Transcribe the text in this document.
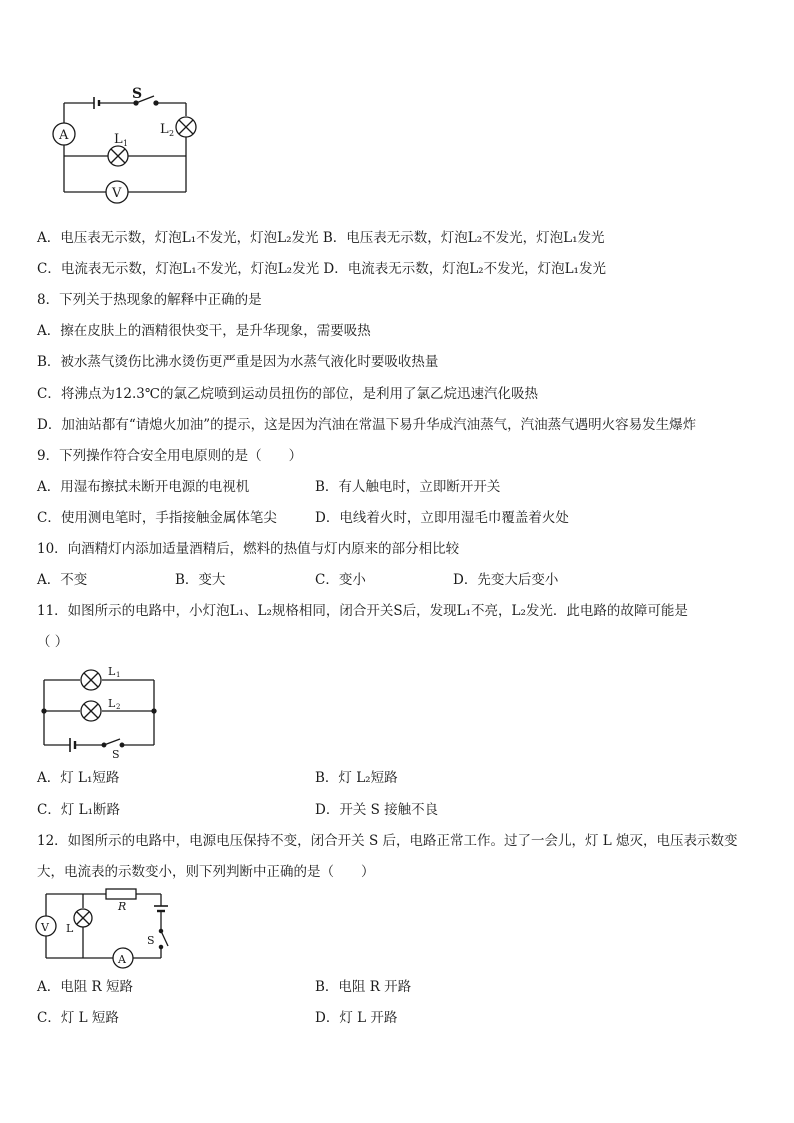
S
A	L 2
L 1
V
A．电压表无示数，灯泡L₁不发光，灯泡L₂发光 B．电压表无示数，灯泡L₂不发光，灯泡L₁发光
C．电流表无示数，灯泡L₁不发光，灯泡L₂发光 D．电流表无示数，灯泡L₂不发光，灯泡L₁发光
8．下列关于热现象的解释中正确的是
A．擦在皮肤上的酒精很快变干，是升华现象，需要吸热
B．被水蒸气烫伤比沸水烫伤更严重是因为水蒸气液化时要吸收热量
C．将沸点为12.3℃的氯乙烷喷到运动员扭伤的部位，是利用了氯乙烷迅速汽化吸热
D．加油站都有“请熄火加油”的提示，这是因为汽油在常温下易升华成汽油蒸气，汽油蒸气遇明火容易发生爆炸
9．下列操作符合安全用电原则的是（　　）
A．用湿布擦拭未断开电源的电视机	B．有人触电时，立即断开开关
C．使用测电笔时，手指接触金属体笔尖	D．电线着火时，立即用湿毛巾覆盖着火处
10．向酒精灯内添加适量酒精后，燃料的热值与灯内原来的部分相比较
A．不变	B．变大	C．变小	D．先变大后变小
11．如图所示的电路中，小灯泡L₁、L₂规格相同，闭合开关S后，发现L₁不亮，L₂发光．此电路的故障可能是
（ ）
L 1
L 2
S
A．灯 L₁短路	B．灯 L₂短路
C．灯 L₁断路	D．开关 S 接触不良
12．如图所示的电路中，电源电压保持不变，闭合开关 S 后，电路正常工作。过了一会儿，灯 L 熄灭，电压表示数变
大，电流表的示数变小，则下列判断中正确的是（　　）
R
V L
A
S
A．电阻 R 短路	B．电阻 R 开路
C．灯 L 短路	D．灯 L 开路
